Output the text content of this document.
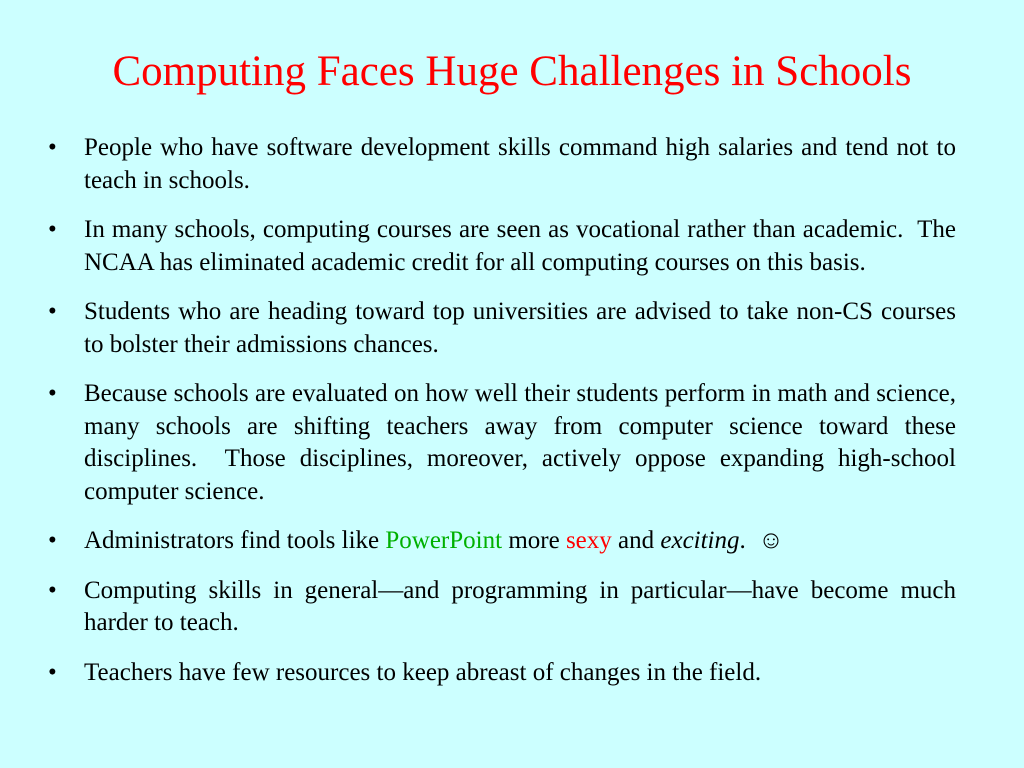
Computing Faces Huge Challenges in Schools
•	People who have software development skills command high salaries and tend not to teach in schools.
•	In many schools, computing courses are seen as vocational rather than academic.  The NCAA has eliminated academic credit for all computing courses on this basis.
•	Students who are heading toward top universities are advised to take non-CS courses to bolster their admissions chances.
•	Because schools are evaluated on how well their students perform in math and science, many schools are shifting teachers away from computer science toward these disciplines.  Those disciplines, moreover, actively oppose expanding high-school computer science.
•	Administrators find tools like PowerPoint more sexy and exciting.  ☺
•	Computing skills in general—and programming in particular—have become much harder to teach.
•	Teachers have few resources to keep abreast of changes in the field.
